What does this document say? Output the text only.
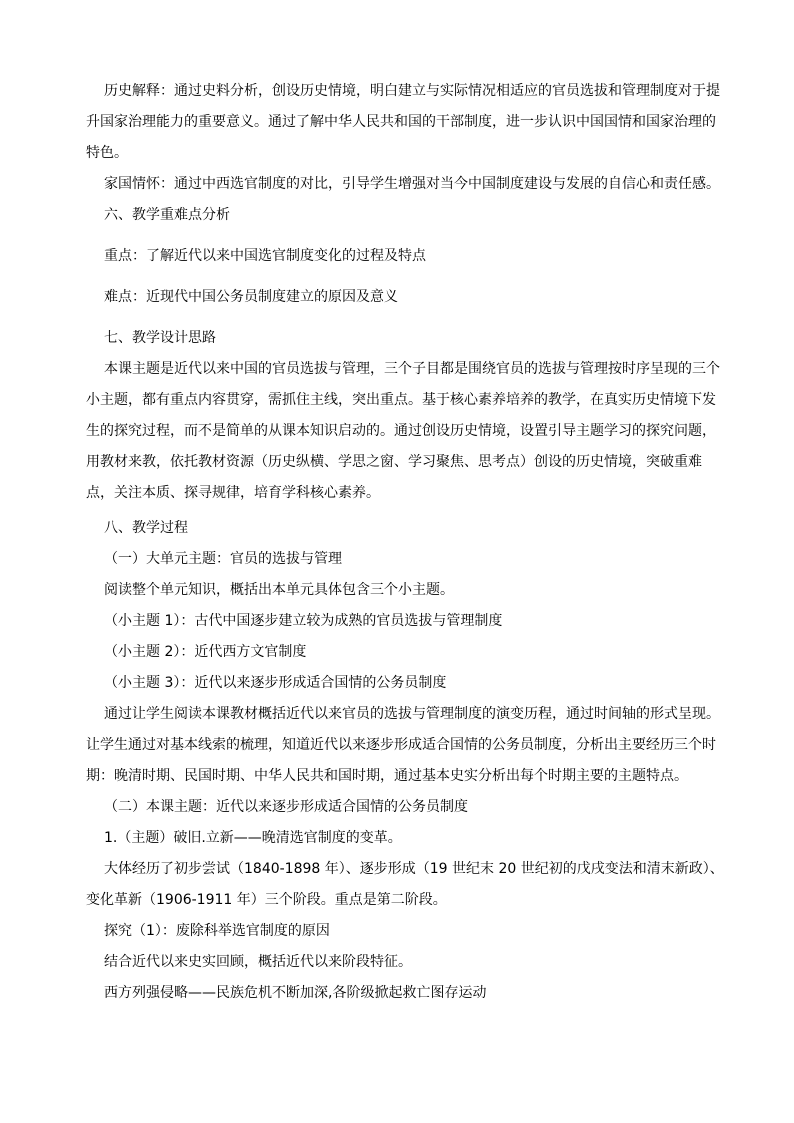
历史解释：通过史料分析，创设历史情境，明白建立与实际情况相适应的官员选拔和管理制度对于提升国家治理能力的重要意义。通过了解中华人民共和国的干部制度，进一步认识中国国情和国家治理的特色。

家国情怀：通过中西选官制度的对比，引导学生增强对当今中国制度建设与发展的自信心和责任感。

六、教学重难点分析

重点：了解近代以来中国选官制度变化的过程及特点

难点：近现代中国公务员制度建立的原因及意义

七、教学设计思路

本课主题是近代以来中国的官员选拔与管理，三个子目都是围绕官员的选拔与管理按时序呈现的三个小主题，都有重点内容贯穿，需抓住主线，突出重点。基于核心素养培养的教学，在真实历史情境下发生的探究过程，而不是简单的从课本知识启动的。通过创设历史情境，设置引导主题学习的探究问题，用教材来教，依托教材资源（历史纵横、学思之窗、学习聚焦、思考点）创设的历史情境，突破重难点，关注本质、探寻规律，培育学科核心素养。

八、教学过程

（一）大单元主题：官员的选拔与管理

阅读整个单元知识，概括出本单元具体包含三个小主题。

（小主题 1）：古代中国逐步建立较为成熟的官员选拔与管理制度

（小主题 2）：近代西方文官制度

（小主题 3）：近代以来逐步形成适合国情的公务员制度

通过让学生阅读本课教材概括近代以来官员的选拔与管理制度的演变历程，通过时间轴的形式呈现。让学生通过对基本线索的梳理，知道近代以来逐步形成适合国情的公务员制度，分析出主要经历三个时期：晚清时期、民国时期、中华人民共和国时期，通过基本史实分析出每个时期主要的主题特点。

（二）本课主题：近代以来逐步形成适合国情的公务员制度

1.（主题）破旧.立新——晚清选官制度的变革。

大体经历了初步尝试（1840-1898 年）、逐步形成（19 世纪末 20 世纪初的戊戌变法和清末新政）、变化革新（1906-1911 年）三个阶段。重点是第二阶段。

探究（1）：废除科举选官制度的原因

结合近代以来史实回顾，概括近代以来阶段特征。

西方列强侵略——民族危机不断加深,各阶级掀起救亡图存运动
